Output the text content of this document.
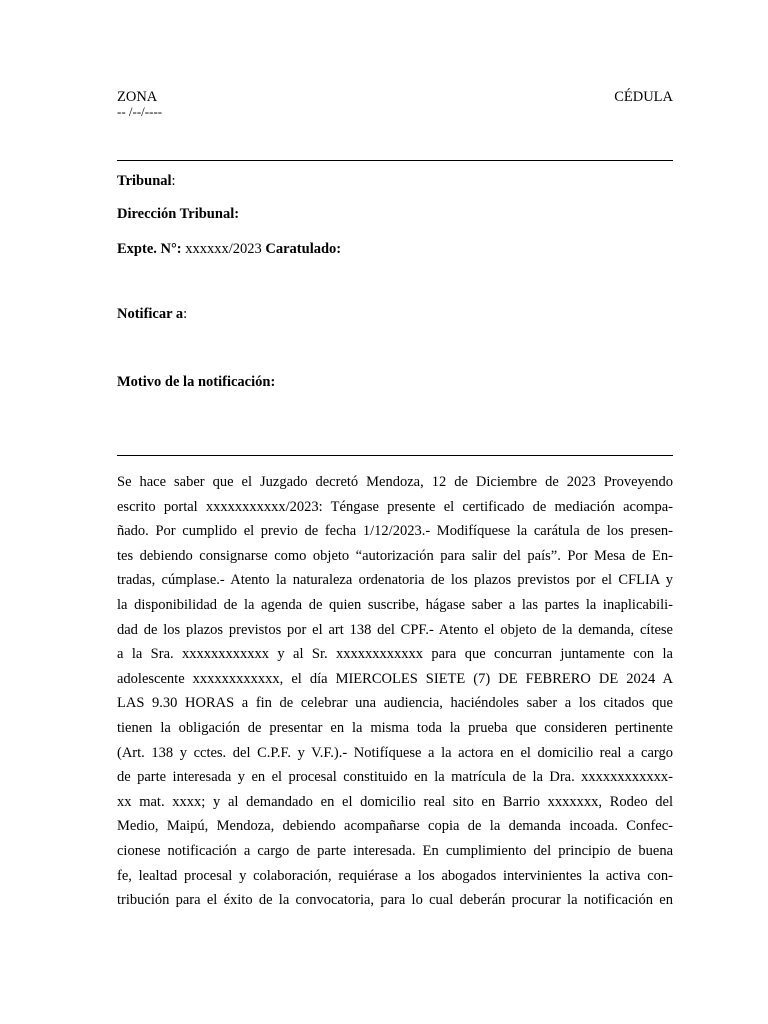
ZONA	CÉDULA
-- /--/----
Tribunal:
Dirección Tribunal:
Expte. N°: xxxxxx/2023 Caratulado:
Notificar a:
Motivo de la notificación:
Se hace saber que el Juzgado decretó Mendoza, 12 de Diciembre de 2023 Proveyendo
escrito portal xxxxxxxxxxx/2023: Téngase presente el certificado de mediación acompa-
ñado. Por cumplido el previo de fecha 1/12/2023.- Modifíquese la carátula de los presen-
tes debiendo consignarse como objeto “autorización para salir del país”. Por Mesa de En-
tradas, cúmplase.- Atento la naturaleza ordenatoria de los plazos previstos por el CFLIA y
la disponibilidad de la agenda de quien suscribe, hágase saber a las partes la inaplicabili-
dad de los plazos previstos por el art 138 del CPF.- Atento el objeto de la demanda, cítese
a la Sra. xxxxxxxxxxxx y al Sr. xxxxxxxxxxxx para que concurran juntamente con la
adolescente xxxxxxxxxxxx, el día MIERCOLES SIETE (7) DE FEBRERO DE 2024 A
LAS 9.30 HORAS a fin de celebrar una audiencia, haciéndoles saber a los citados que
tienen la obligación de presentar en la misma toda la prueba que consideren pertinente
(Art. 138 y cctes. del C.P.F. y V.F.).- Notifíquese a la actora en el domicilio real a cargo
de parte interesada y en el procesal constituido en la matrícula de la Dra. xxxxxxxxxxxx-
xx mat. xxxx; y al demandado en el domicilio real sito en Barrio xxxxxxx, Rodeo del
Medio, Maipú, Mendoza, debiendo acompañarse copia de la demanda incoada. Confec-
cionese notificación a cargo de parte interesada. En cumplimiento del principio de buena
fe, lealtad procesal y colaboración, requiérase a los abogados intervinientes la activa con-
tribución para el éxito de la convocatoria, para lo cual deberán procurar la notificación en
